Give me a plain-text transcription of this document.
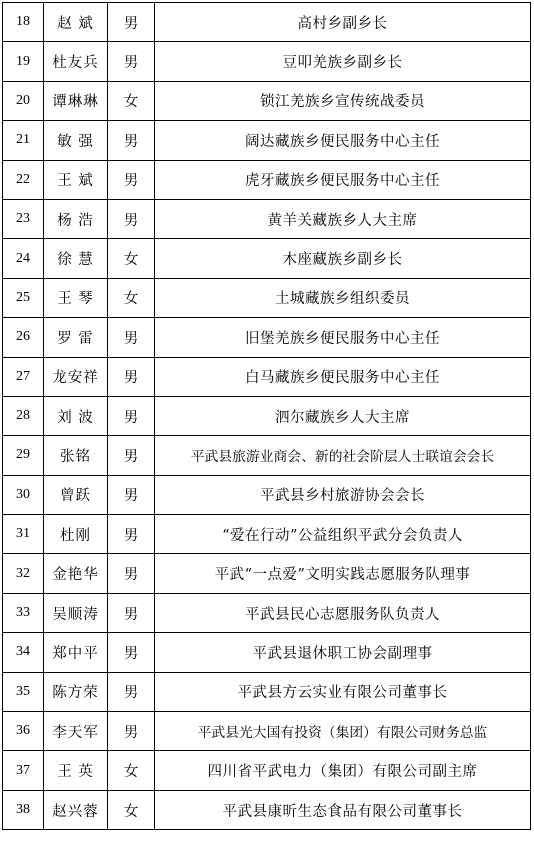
18	赵 斌	男	高村乡副乡长
19	杜友兵	男	豆叩羌族乡副乡长
20	谭琳琳	女	锁江羌族乡宣传统战委员
21	敏 强	男	阔达藏族乡便民服务中心主任
22	王 斌	男	虎牙藏族乡便民服务中心主任
23	杨 浩	男	黄羊关藏族乡人大主席
24	徐 慧	女	木座藏族乡副乡长
25	王 琴	女	土城藏族乡组织委员
26	罗 雷	男	旧堡羌族乡便民服务中心主任
27	龙安祥	男	白马藏族乡便民服务中心主任
28	刘 波	男	泗尔藏族乡人大主席
29	张铭	男	平武县旅游业商会、新的社会阶层人士联谊会会长
30	曾跃	男	平武县乡村旅游协会会长
31	杜刚	男	“爱在行动”公益组织平武分会负责人
32	金艳华	男	平武“一点爱”文明实践志愿服务队理事
33	吴顺涛	男	平武县民心志愿服务队负责人
34	郑中平	男	平武县退休职工协会副理事
35	陈方荣	男	平武县方云实业有限公司董事长
36	李天军	男	平武县光大国有投资（集团）有限公司财务总监
37	王 英	女	四川省平武电力（集团）有限公司副主席
38	赵兴蓉	女	平武县康昕生态食品有限公司董事长
